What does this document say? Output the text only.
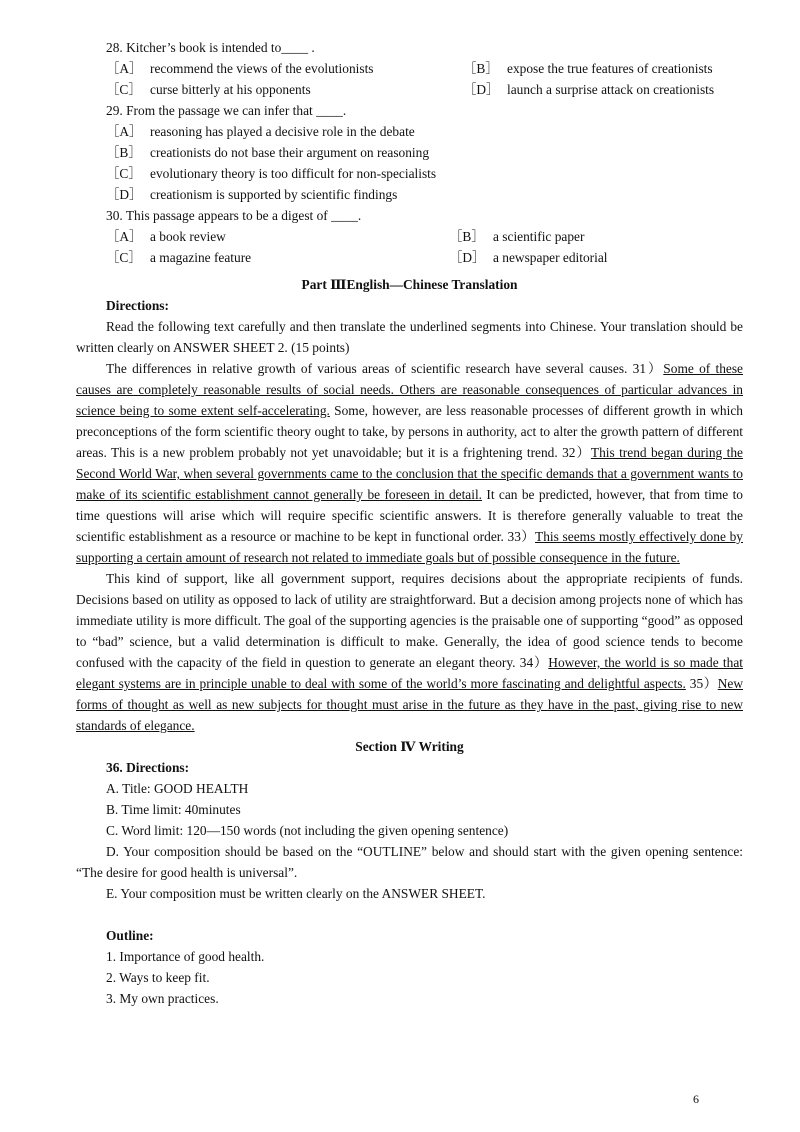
28. Kitcher’s book is intended to____ .

［A］ recommend the views of the evolutionists	［B］ expose the true features of creationists
［C］ curse bitterly at his opponents	［D］ launch a surprise attack on creationists

29. From the passage we can infer that ____.

［A］ reasoning has played a decisive role in the debate
［B］ creationists do not base their argument on reasoning
［C］ evolutionary theory is too difficult for non-specialists
［D］ creationism is supported by scientific findings

30. This passage appears to be a digest of ____.

［A］ a book review	［B］ a scientific paper
［C］ a magazine feature	［D］ a newspaper editorial

Part ⅢEnglish—Chinese Translation

Directions:

Read the following text carefully and then translate the underlined segments into Chinese. Your translation should be written clearly on ANSWER SHEET 2. (15 points)

The differences in relative growth of various areas of scientific research have several causes. 31）Some of these causes are completely reasonable results of social needs. Others are reasonable consequences of particular advances in science being to some extent self-accelerating. Some, however, are less reasonable processes of different growth in which preconceptions of the form scientific theory ought to take, by persons in authority, act to alter the growth pattern of different areas. This is a new problem probably not yet unavoidable; but it is a frightening trend. 32）This trend began during the Second World War, when several governments came to the conclusion that the specific demands that a government wants to make of its scientific establishment cannot generally be foreseen in detail. It can be predicted, however, that from time to time questions will arise which will require specific scientific answers. It is therefore generally valuable to treat the scientific establishment as a resource or machine to be kept in functional order. 33）This seems mostly effectively done by supporting a certain amount of research not related to immediate goals but of possible consequence in the future.

This kind of support, like all government support, requires decisions about the appropriate recipients of funds. Decisions based on utility as opposed to lack of utility are straightforward. But a decision among projects none of which has immediate utility is more difficult. The goal of the supporting agencies is the praisable one of supporting “good” as opposed to “bad” science, but a valid determination is difficult to make. Generally, the idea of good science tends to become confused with the capacity of the field in question to generate an elegant theory. 34）However, the world is so made that elegant systems are in principle unable to deal with some of the world’s more fascinating and delightful aspects. 35）New forms of thought as well as new subjects for thought must arise in the future as they have in the past, giving rise to new standards of elegance.

Section Ⅳ Writing

36. Directions:

A. Title: GOOD HEALTH

B. Time limit: 40minutes

C. Word limit: 120—150 words (not including the given opening sentence)

D. Your composition should be based on the “OUTLINE” below and should start with the given opening sentence: “The desire for good health is universal”.

E. Your composition must be written clearly on the ANSWER SHEET.

Outline:

1. Importance of good health.

2. Ways to keep fit.

3. My own practices.

6
